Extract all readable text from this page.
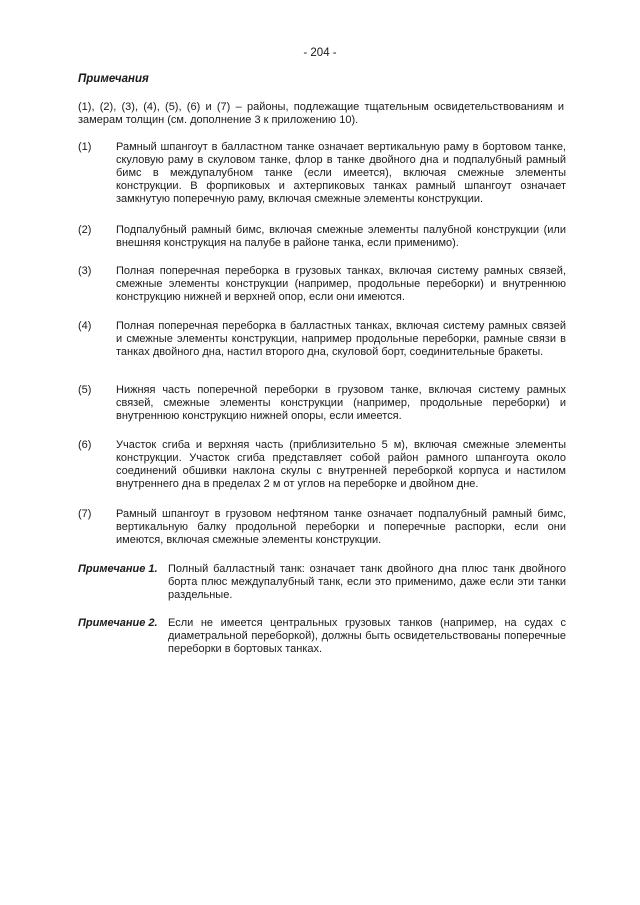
- 204 -
Примечания
(1), (2), (3), (4), (5), (6) и (7) – районы, подлежащие тщательным освидетельствованиям и замерам толщин (см. дополнение 3 к приложению 10).
(1) Рамный шпангоут в балластном танке означает вертикальную раму в бортовом танке, скуловую раму в скуловом танке, флор в танке двойного дна и подпалубный рамный бимс в междупалубном танке (если имеется), включая смежные элементы конструкции. В форпиковых и ахтерпиковых танках рамный шпангоут означает замкнутую поперечную раму, включая смежные элементы конструкции.
(2) Подпалубный рамный бимс, включая смежные элементы палубной конструкции (или внешняя конструкция на палубе в районе танка, если применимо).
(3) Полная поперечная переборка в грузовых танках, включая систему рамных связей, смежные элементы конструкции (например, продольные переборки) и внутреннюю конструкцию нижней и верхней опор, если они имеются.
(4) Полная поперечная переборка в балластных танках, включая систему рамных связей и смежные элементы конструкции, например продольные переборки, рамные связи в танках двойного дна, настил второго дна, скуловой борт, соединительные бракеты.
(5) Нижняя часть поперечной переборки в грузовом танке, включая систему рамных связей, смежные элементы конструкции (например, продольные переборки) и внутреннюю конструкцию нижней опоры, если имеется.
(6) Участок сгиба и верхняя часть (приблизительно 5 м), включая смежные элементы конструкции. Участок сгиба представляет собой район рамного шпангоута около соединений обшивки наклона скулы с внутренней переборкой корпуса и настилом внутреннего дна в пределах 2 м от углов на переборке и двойном дне.
(7) Рамный шпангоут в грузовом нефтяном танке означает подпалубный рамный бимс, вертикальную балку продольной переборки и поперечные распорки, если они имеются, включая смежные элементы конструкции.
Примечание 1. Полный балластный танк: означает танк двойного дна плюс танк двойного борта плюс междупалубный танк, если это применимо, даже если эти танки раздельные.
Примечание 2. Если не имеется центральных грузовых танков (например, на судах с диаметральной переборкой), должны быть освидетельствованы поперечные переборки в бортовых танках.
